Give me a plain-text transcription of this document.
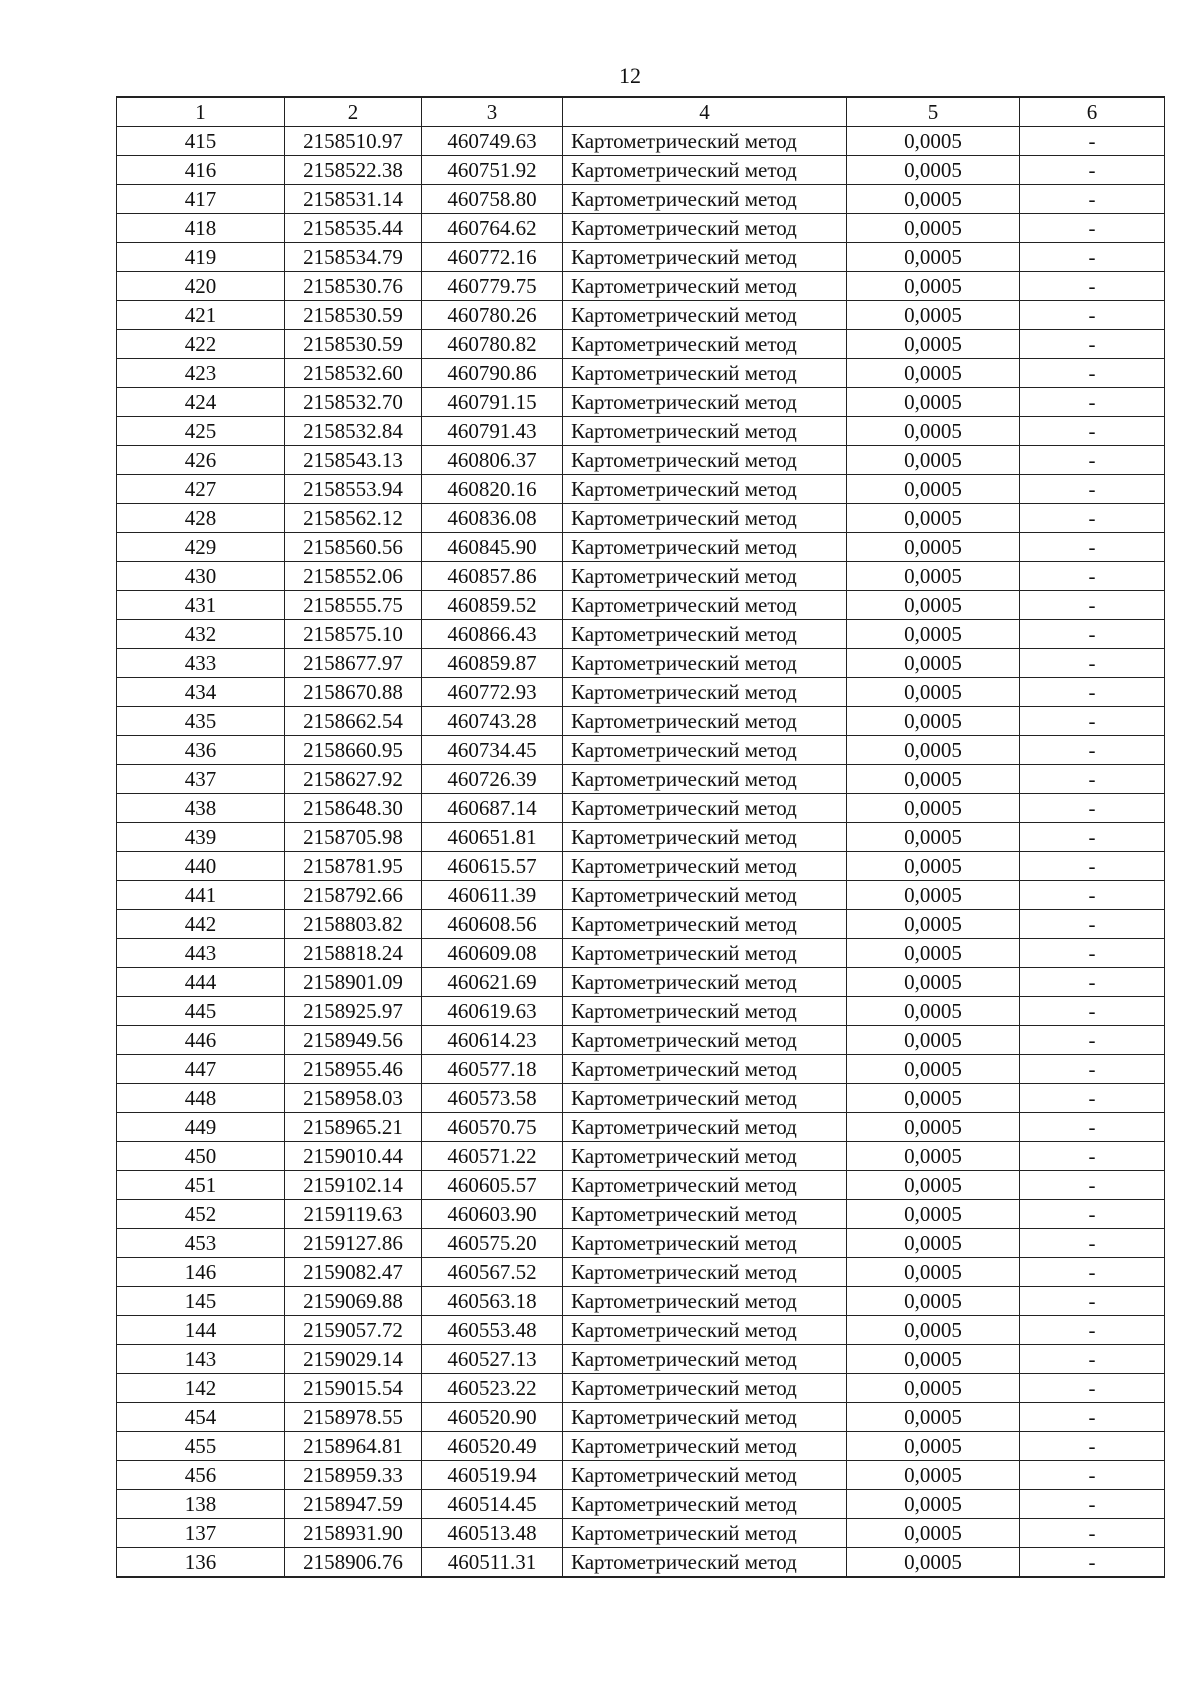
12
1	2	3	4	5	6
415	2158510.97	460749.63	Картометрический метод	0,0005	-
416	2158522.38	460751.92	Картометрический метод	0,0005	-
417	2158531.14	460758.80	Картометрический метод	0,0005	-
418	2158535.44	460764.62	Картометрический метод	0,0005	-
419	2158534.79	460772.16	Картометрический метод	0,0005	-
420	2158530.76	460779.75	Картометрический метод	0,0005	-
421	2158530.59	460780.26	Картометрический метод	0,0005	-
422	2158530.59	460780.82	Картометрический метод	0,0005	-
423	2158532.60	460790.86	Картометрический метод	0,0005	-
424	2158532.70	460791.15	Картометрический метод	0,0005	-
425	2158532.84	460791.43	Картометрический метод	0,0005	-
426	2158543.13	460806.37	Картометрический метод	0,0005	-
427	2158553.94	460820.16	Картометрический метод	0,0005	-
428	2158562.12	460836.08	Картометрический метод	0,0005	-
429	2158560.56	460845.90	Картометрический метод	0,0005	-
430	2158552.06	460857.86	Картометрический метод	0,0005	-
431	2158555.75	460859.52	Картометрический метод	0,0005	-
432	2158575.10	460866.43	Картометрический метод	0,0005	-
433	2158677.97	460859.87	Картометрический метод	0,0005	-
434	2158670.88	460772.93	Картометрический метод	0,0005	-
435	2158662.54	460743.28	Картометрический метод	0,0005	-
436	2158660.95	460734.45	Картометрический метод	0,0005	-
437	2158627.92	460726.39	Картометрический метод	0,0005	-
438	2158648.30	460687.14	Картометрический метод	0,0005	-
439	2158705.98	460651.81	Картометрический метод	0,0005	-
440	2158781.95	460615.57	Картометрический метод	0,0005	-
441	2158792.66	460611.39	Картометрический метод	0,0005	-
442	2158803.82	460608.56	Картометрический метод	0,0005	-
443	2158818.24	460609.08	Картометрический метод	0,0005	-
444	2158901.09	460621.69	Картометрический метод	0,0005	-
445	2158925.97	460619.63	Картометрический метод	0,0005	-
446	2158949.56	460614.23	Картометрический метод	0,0005	-
447	2158955.46	460577.18	Картометрический метод	0,0005	-
448	2158958.03	460573.58	Картометрический метод	0,0005	-
449	2158965.21	460570.75	Картометрический метод	0,0005	-
450	2159010.44	460571.22	Картометрический метод	0,0005	-
451	2159102.14	460605.57	Картометрический метод	0,0005	-
452	2159119.63	460603.90	Картометрический метод	0,0005	-
453	2159127.86	460575.20	Картометрический метод	0,0005	-
146	2159082.47	460567.52	Картометрический метод	0,0005	-
145	2159069.88	460563.18	Картометрический метод	0,0005	-
144	2159057.72	460553.48	Картометрический метод	0,0005	-
143	2159029.14	460527.13	Картометрический метод	0,0005	-
142	2159015.54	460523.22	Картометрический метод	0,0005	-
454	2158978.55	460520.90	Картометрический метод	0,0005	-
455	2158964.81	460520.49	Картометрический метод	0,0005	-
456	2158959.33	460519.94	Картометрический метод	0,0005	-
138	2158947.59	460514.45	Картометрический метод	0,0005	-
137	2158931.90	460513.48	Картометрический метод	0,0005	-
136	2158906.76	460511.31	Картометрический метод	0,0005	-
